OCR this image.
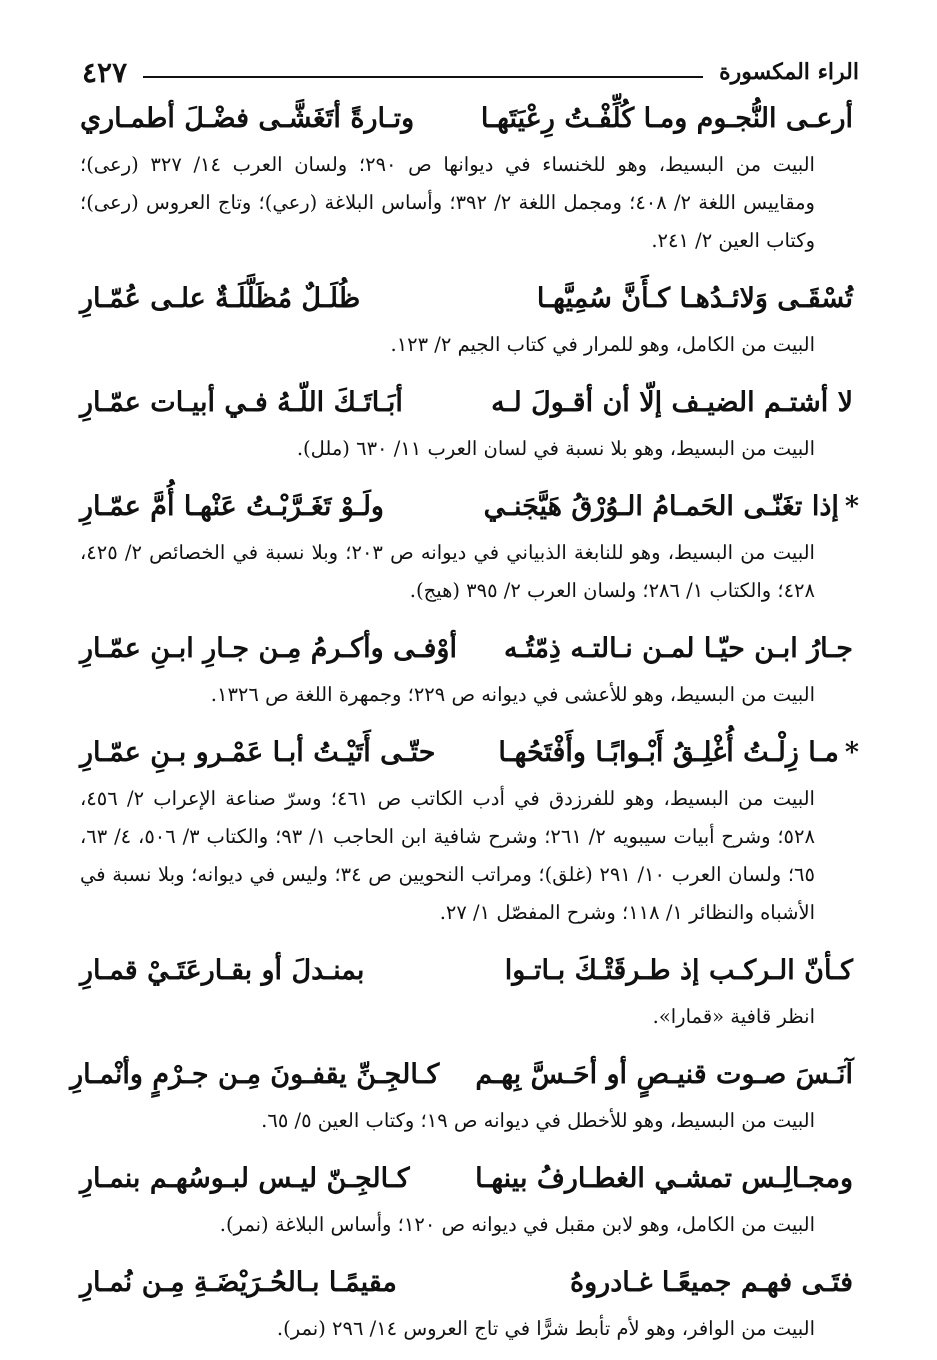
الراء المكسورة
٤٢٧
أرعـى النُّجـوم ومـا كُلِّفْـتُ رِعْيَتَهـا
وتـارةً أتَغَشَّـى فضْـلَ أطمـاري
البيت من البسيط، وهو للخنساء في ديوانها ص ٢٩٠؛ ولسان العرب ١٤/ ٣٢٧ (رعى)؛ ومقاييس اللغة ٢/ ٤٠٨؛ ومجمل اللغة ٢/ ٣٩٢؛ وأساس البلاغة (رعي)؛ وتاج العروس (رعى)؛ وكتاب العين ٢/ ٢٤١.
تُسْقَـى وَلائـدُهـا كـأَنَّ سُمِيَّهـا
ظُلَـلٌ مُظَلَّلَـةٌ علـى عُمّـارِ
البيت من الكامل، وهو للمرار في كتاب الجيم ٢/ ١٢٣.
لا أشتـم الضيـف إلّا أن أقـولَ لـه
أبَـاتَـكَ اللّـهُ فـي أبيـات عمّـارِ
البيت من البسيط، وهو بلا نسبة في لسان العرب ١١/ ٦٣٠ (ملل).
*إذا تغَنّـى الحَمـامُ الـوُرْقُ هَيَّجَنـي
ولَـوْ تَغَـرَّبْـتُ عَنْهـا أُمَّ عمّـارِ
البيت من البسيط، وهو للنابغة الذبياني في ديوانه ص ٢٠٣؛ وبلا نسبة في الخصائص ٢/ ٤٢٥، ٤٢٨؛ والكتاب ١/ ٢٨٦؛ ولسان العرب ٢/ ٣٩٥ (هيج).
جـارُ ابـن حيّـا لمـن نـالتـه ذِمّتُـه
أوْفـى وأكـرمُ مِـن جـارِ ابـنِ عمّـارِ
البيت من البسيط، وهو للأعشى في ديوانه ص ٢٢٩؛ وجمهرة اللغة ص ١٣٢٦.
*مـا زِلْـتُ أُغْلِـقُ أَبْـوابًـا وأَفْتَحُهـا
حتّـى أَتَيْـتُ أبـا عَمْـرو بـنِ عمّـارِ
البيت من البسيط، وهو للفرزدق في أدب الكاتب ص ٤٦١؛ وسرّ صناعة الإعراب ٢/ ٤٥٦، ٥٢٨؛ وشرح أبيات سيبويه ٢/ ٢٦١؛ وشرح شافية ابن الحاجب ١/ ٩٣؛ والكتاب ٣/ ٥٠٦، ٤/ ٦٣، ٦٥؛ ولسان العرب ١٠/ ٢٩١ (غلق)؛ ومراتب النحويين ص ٣٤؛ وليس في ديوانه؛ وبلا نسبة في الأشباه والنظائر ١/ ١١٨؛ وشرح المفصّل ١/ ٢٧.
كـأنّ الـركـب إذ طـرقَتْـكَ بـاتـوا
بمنـدلَ أو بقـارعَتَـيْ قمـارِ
انظر قافية «قمارا».
آنَـسَ صـوت قنيـصٍ أو أحَـسَّ بِهـم
كـالجِـنِّ يقفـونَ مِـن جـرْمٍ وأنْمـارِ
البيت من البسيط، وهو للأخطل في ديوانه ص ١٩؛ وكتاب العين ٥/ ٦٥.
ومجـالِـس تمشـي الغطـارفُ بينهـا
كـالجِـنّ ليـس لبـوسُهـم بنمـارِ
البيت من الكامل، وهو لابن مقبل في ديوانه ص ١٢٠؛ وأساس البلاغة (نمر).
فتَـى فهـم جميعًـا غـادروهُ
مقيمًـا بـالحُـرَيْضَـةِ مِـن نُمـارِ
البيت من الوافر، وهو لأم تأبط شرًّا في تاج العروس ١٤/ ٢٩٦ (نمر).
